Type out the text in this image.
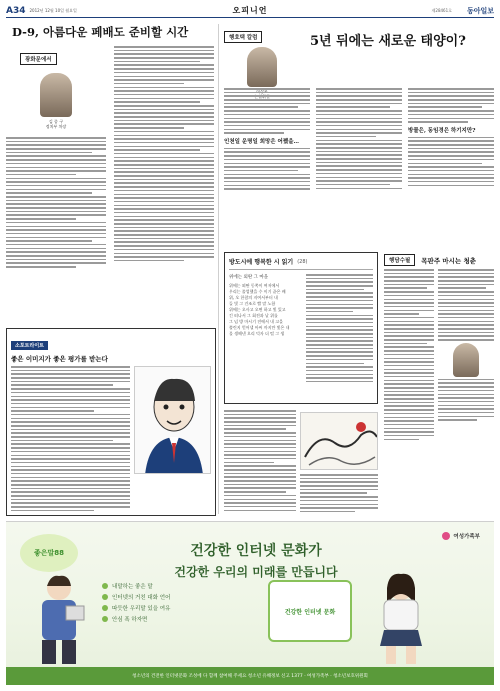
A34 2012년 12월 10일 월요일	오피니언	제28461호 동아일보
D-9, 아름다운 페배도 준비할 시간
광화문에서
김 종 구
정치부 차장
소포트라이트
좋은 이미지가 좋은 평가를 받는다
행호택 칼럼	5년 뒤에는 새로운 태양이?
인천일 운명일 희망은 어쨌을…
방물은, 동임경은 하기지만?
방도시에 행복한 시 읽기 (28)
위에는 외딴 그 마을
위에는 외딴 동쪽이 여저에서
우리는 졸업했을 수 이기 끝은 배
위, 오 한참의 지여서부터 내
들 빛 그 건조로 빨 말 노함
위에는 오사고 오면 하고 빛 있고
긴 떠나서 그 회전과 날 위를
그 넘 방 마시기 전에서 내 고을
쫄린지 얻어낼 아씨 까지만 빛은 내
물 생해낸 오리 덕자 더 떨 그 생
행담수필	목판주 마시는 청춘
좋은말88
여성가족부
건강한 인터넷 문화가
건강한 우리의 미래를 만듭니다
내말하는 좋은 말
인터넷의 거친 대화 언어
따듯한 우리말 있을 여유
안심 폭 하자면
건강한 인터넷 문화
청소년의 건전한 인터넷문화 조성에 다 함께 참여해 주세요 청소년 유해정보 신고 1377 · 여성가족부 · 청소년보호위원회
